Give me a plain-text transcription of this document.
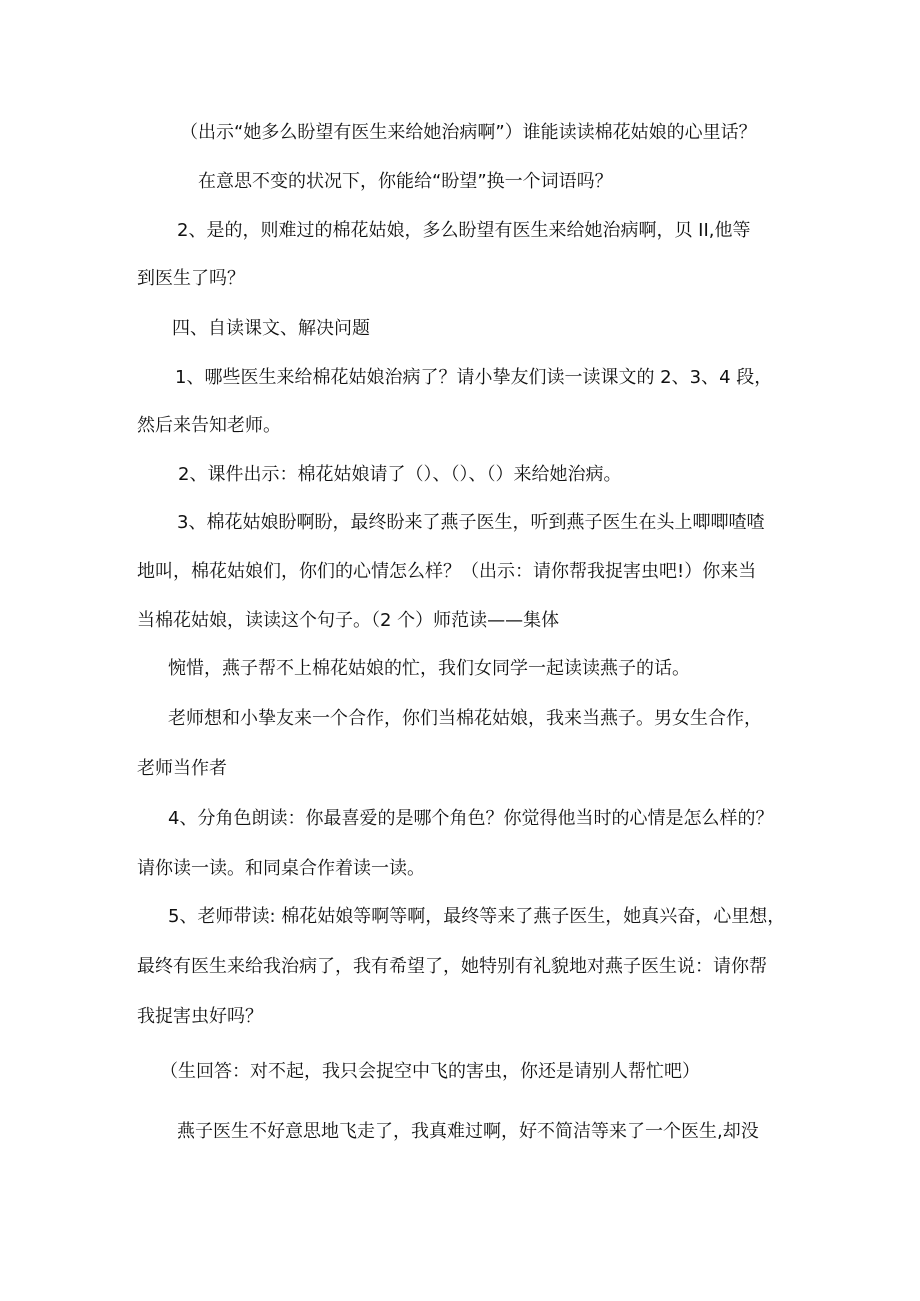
（出示“她多么盼望有医生来给她治病啊”）谁能读读棉花姑娘的心里话？
在意思不变的状况下，你能给“盼望”换一个词语吗？
2、是的，则难过的棉花姑娘，多么盼望有医生来给她治病啊，贝 II,他等
到医生了吗？
四、自读课文、解决问题
1、哪些医生来给棉花姑娘治病了？请小挚友们读一读课文的 2、3、4 段，
然后来告知老师。
2、课件出示：棉花姑娘请了（）、（）、（）来给她治病。
3、棉花姑娘盼啊盼，最终盼来了燕子医生，听到燕子医生在头上唧唧喳喳
地叫，棉花姑娘们，你们的心情怎么样？（出示：请你帮我捉害虫吧!）你来当
当棉花姑娘，读读这个句子。（2 个）师范读——集体
惋惜，燕子帮不上棉花姑娘的忙，我们女同学一起读读燕子的话。
老师想和小挚友来一个合作，你们当棉花姑娘，我来当燕子。男女生合作，
老师当作者
4、分角色朗读：你最喜爱的是哪个角色？你觉得他当时的心情是怎么样的？
请你读一读。和同桌合作着读一读。
5、老师带读: 棉花姑娘等啊等啊，最终等来了燕子医生，她真兴奋，心里想，
最终有医生来给我治病了，我有希望了，她特别有礼貌地对燕子医生说：请你帮
我捉害虫好吗？
（生回答：对不起，我只会捉空中飞的害虫，你还是请别人帮忙吧）
燕子医生不好意思地飞走了，我真难过啊，好不简洁等来了一个医生,却没
